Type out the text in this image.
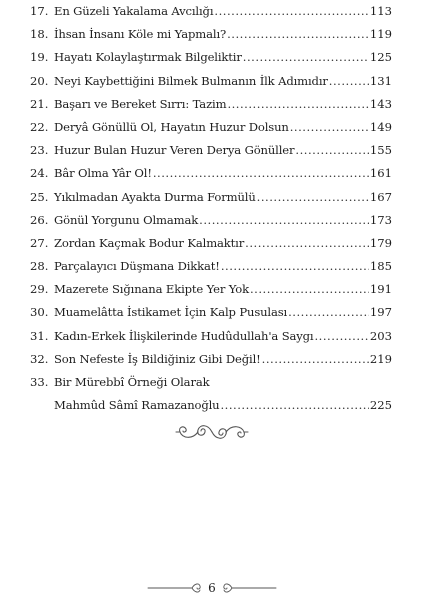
17. En Güzeli Yakalama Avcılığı .....	113
18. İhsan İnsanı Köle mi Yapmalı? .....	119
19. Hayatı Kolaylaştırmak Bilgeliktir .....	125
20. Neyi Kaybettiğini Bilmek Bulmanın İlk Adımıdır .....	131
21. Başarı ve Bereket Sırrı: Tazim .....	143
22. Deryâ Gönüllü Ol, Hayatın Huzur Dolsun .....	149
23. Huzur Bulan Huzur Veren Derya Gönüller .....	155
24. Bâr Olma Yâr Ol! .....	161
25. Yıkılmadan Ayakta Durma Formülü .....	167
26. Gönül Yorgunu Olmamak .....	173
27. Zordan Kaçmak Bodur Kalmaktır .....	179
28. Parçalayıcı Düşmana Dikkat! .....	185
29. Mazerete Sığınana Ekipte Yer Yok .....	191
30. Muamelâtta İstikamet İçin Kalp Pusulası .....	197
31. Kadın-Erkek İlişkilerinde Hudûdullah'a Saygı .....	203
32. Son Nefeste İş Bildiğiniz Gibi Değil! .....	219
33. Bir Mürebbî Örneği Olarak
Mahmûd Sâmî Ramazanoğlu .....	225
6
